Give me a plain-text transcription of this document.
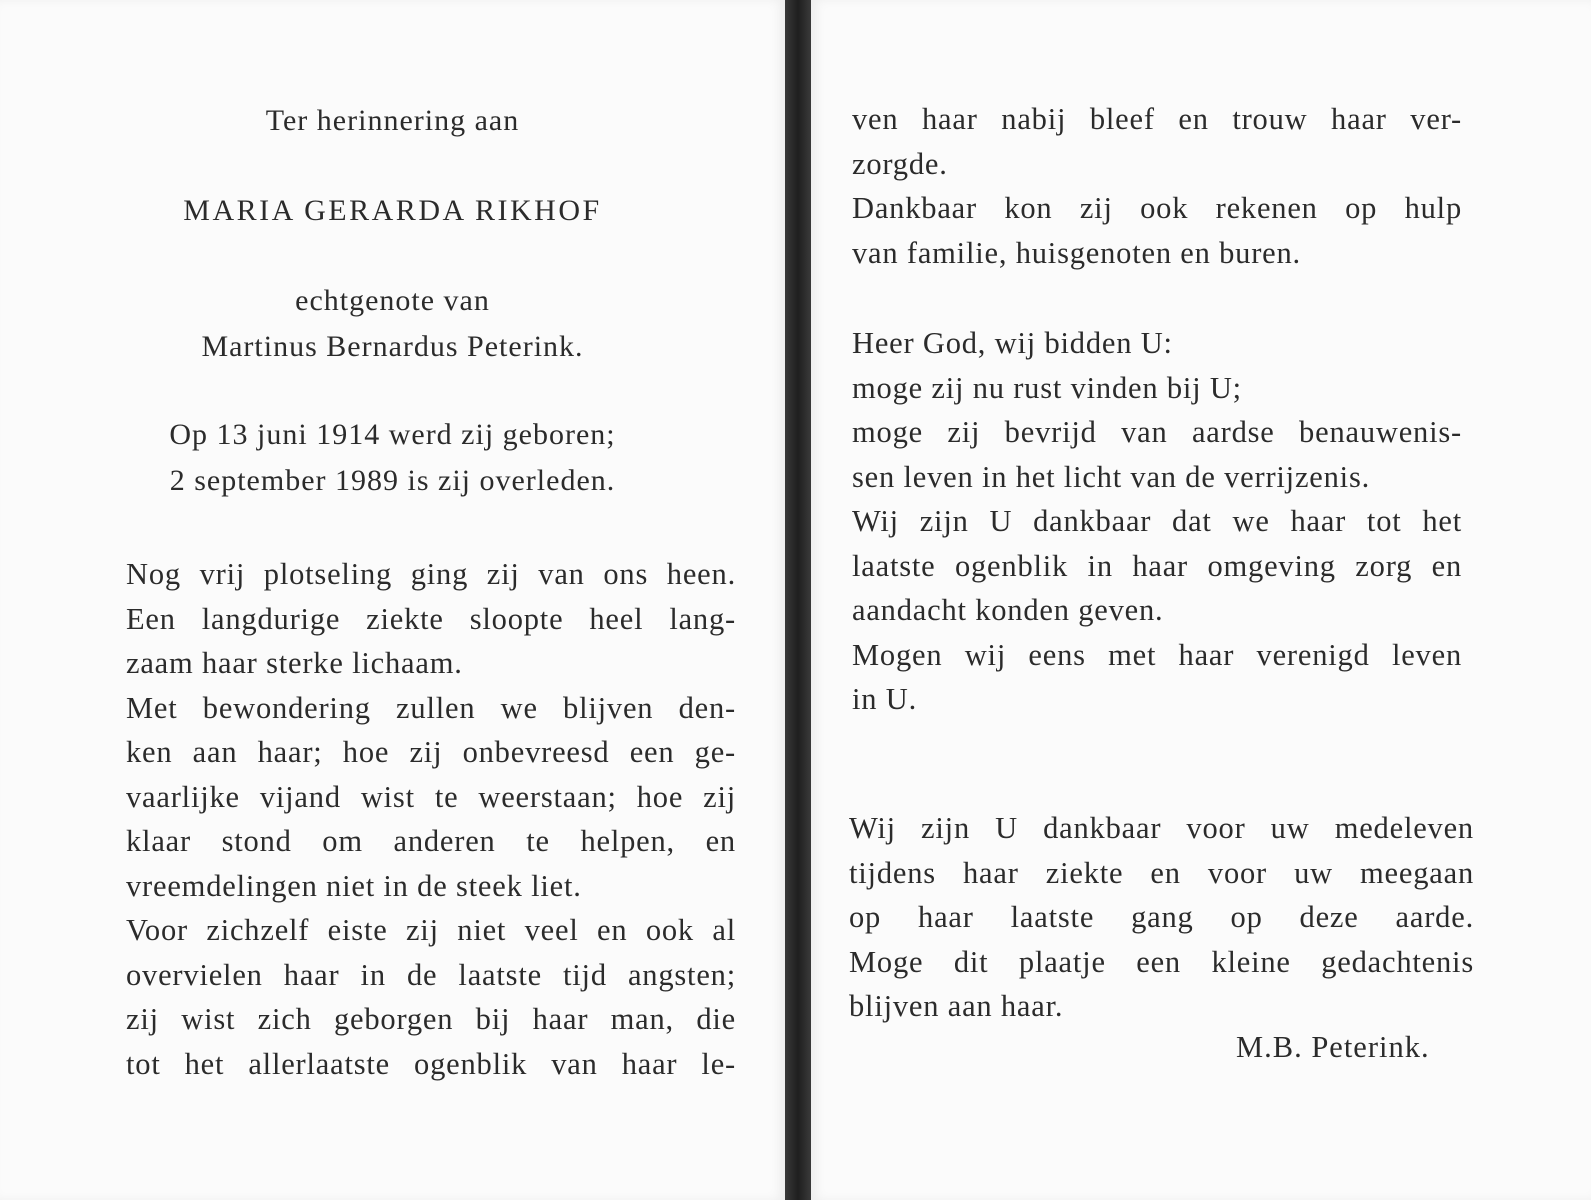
Ter herinnering aan
MARIA GERARDA RIKHOF
echtgenote van
Martinus Bernardus Peterink.
Op 13 juni 1914 werd zij geboren;
2 september 1989 is zij overleden.
Nog vrij plotseling ging zij van ons heen.
Een langdurige ziekte sloopte heel lang-
zaam haar sterke lichaam.
Met bewondering zullen we blijven den-
ken aan haar; hoe zij onbevreesd een ge-
vaarlijke vijand wist te weerstaan; hoe zij
klaar stond om anderen te helpen, en
vreemdelingen niet in de steek liet.
Voor zichzelf eiste zij niet veel en ook al
overvielen haar in de laatste tijd angsten;
zij wist zich geborgen bij haar man, die
tot het allerlaatste ogenblik van haar le-
ven haar nabij bleef en trouw haar ver-
zorgde.
Dankbaar kon zij ook rekenen op hulp
van familie, huisgenoten en buren.
Heer God, wij bidden U:
moge zij nu rust vinden bij U;
moge zij bevrijd van aardse benauwenis-
sen leven in het licht van de verrijzenis.
Wij zijn U dankbaar dat we haar tot het
laatste ogenblik in haar omgeving zorg en
aandacht konden geven.
Mogen wij eens met haar verenigd leven
in U.
Wij zijn U dankbaar voor uw medeleven
tijdens haar ziekte en voor uw meegaan
op haar laatste gang op deze aarde.
Moge dit plaatje een kleine gedachtenis
blijven aan haar.
M.B. Peterink.
